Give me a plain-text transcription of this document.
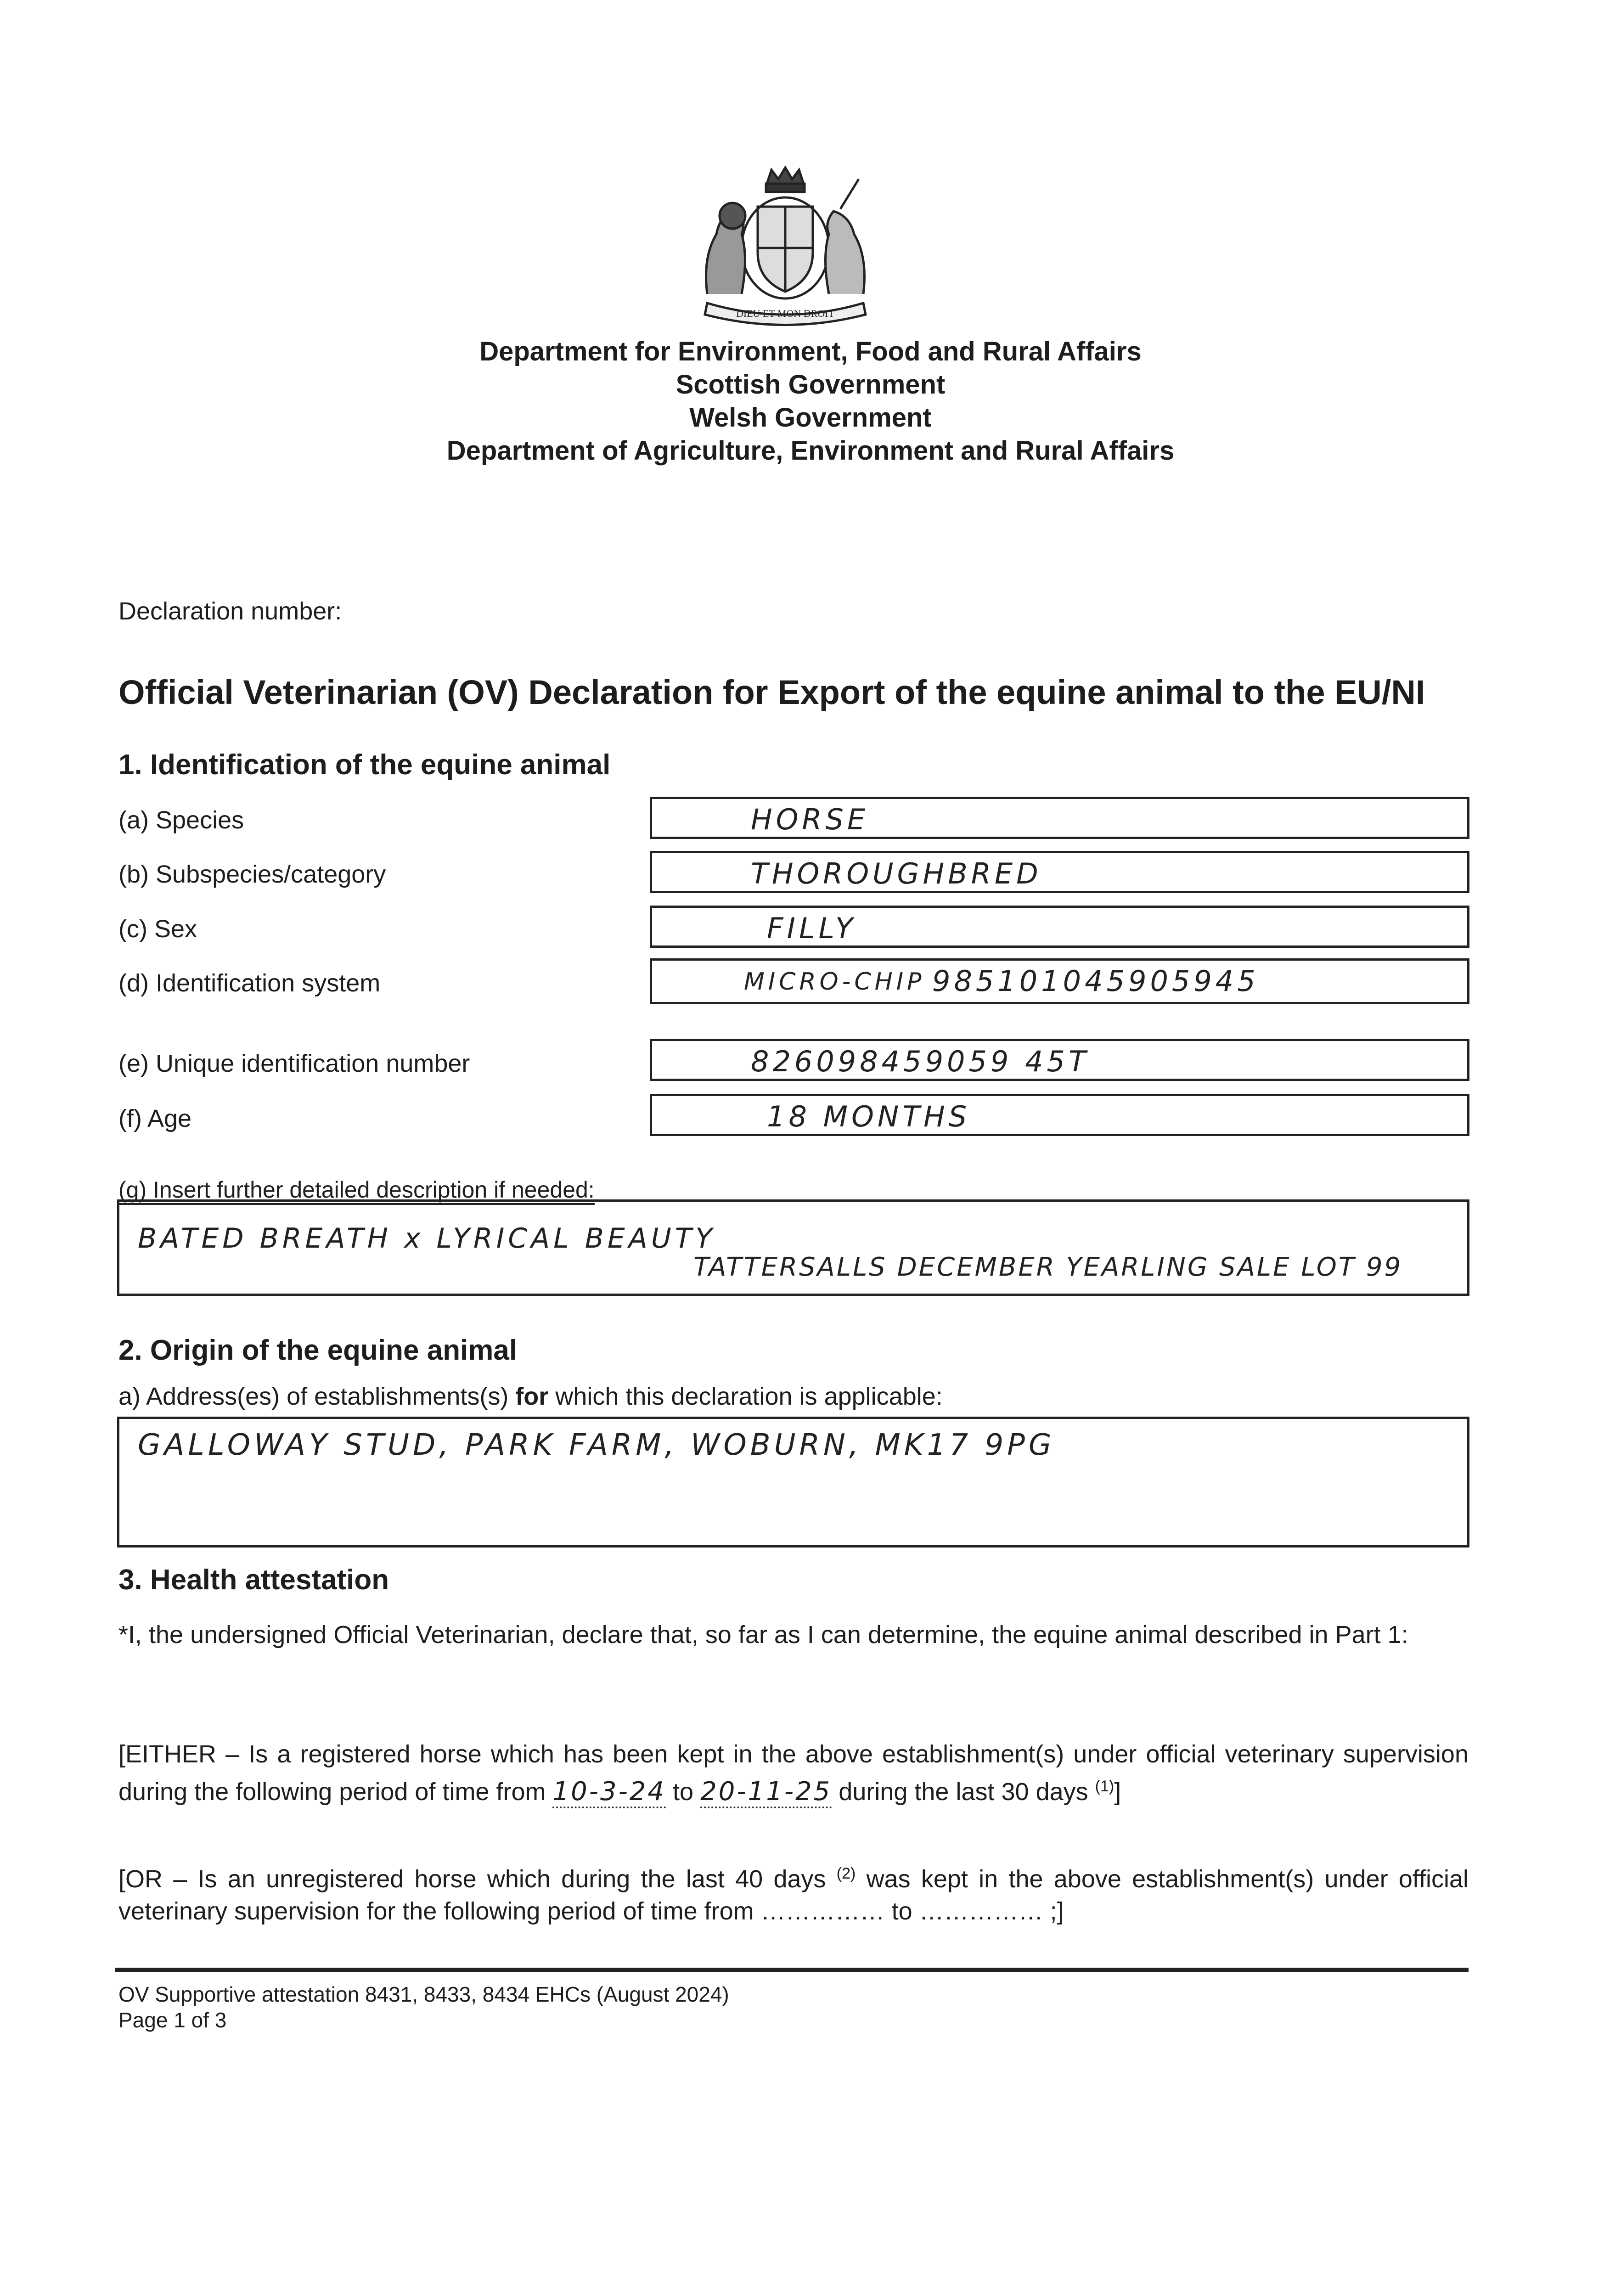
DIEU ET MON DROIT
Department for Environment, Food and Rural Affairs
Scottish Government
Welsh Government
Department of Agriculture, Environment and Rural Affairs
Declaration number:
Official Veterinarian (OV) Declaration for Export of the equine animal to the EU/NI
1. Identification of the equine animal
(a) Species	HORSE
(b) Subspecies/category	THOROUGHBRED
(c) Sex	FILLY
(d) Identification system	MICRO-CHIP 985101045905945
(e) Unique identification number	826098459059 45T
(f) Age	18 MONTHS
(g) Insert further detailed description if needed:
BATED BREATH x LYRICAL BEAUTY
TATTERSALLS DECEMBER YEARLING SALE LOT 99
2. Origin of the equine animal
a) Address(es) of establishments(s) for which this declaration is applicable:
GALLOWAY STUD, PARK FARM, WOBURN, MK17 9PG
3. Health attestation
*I, the undersigned Official Veterinarian, declare that, so far as I can determine, the equine animal described in Part 1:
[EITHER – Is a registered horse which has been kept in the above establishment(s) under official veterinary supervision during the following period of time from 10-3-24 to 20-11-25 during the last 30 days $^{(1)}$]
[OR – Is an unregistered horse which during the last 40 days $^{(2)}$ was kept in the above establishment(s) under official veterinary supervision for the following period of time from …………… to …………… ;]
OV Supportive attestation 8431, 8433, 8434 EHCs (August 2024)
Page 1 of 3
